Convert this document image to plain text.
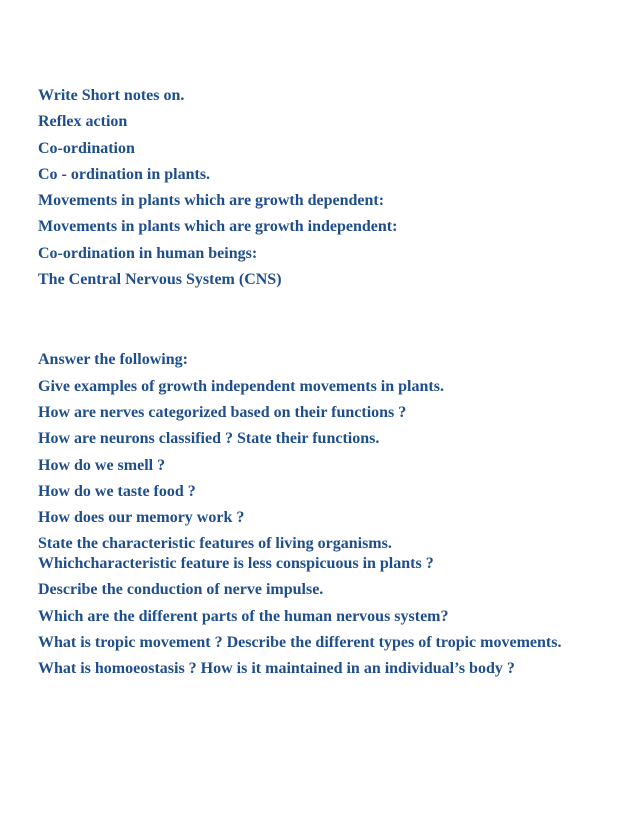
Write Short notes on.
Reflex action
Co-ordination
Co - ordination in plants.
Movements in plants which are growth dependent:
Movements in plants which are growth independent:
Co-ordination in human beings:
The Central Nervous System (CNS)
Answer the following:
Give examples of growth independent movements in plants.
How are nerves categorized based on their functions ?
How are neurons classified ? State their functions.
How do we smell ?
How do we taste food ?
How does our memory work ?
State the characteristic features of living organisms.
Whichcharacteristic feature is less conspicuous in plants ?
Describe the conduction of nerve impulse.
Which are the different parts of the human nervous system?
What is tropic movement ? Describe the different types of tropic movements.
What is homoeostasis ? How is it maintained in an individual’s body ?
